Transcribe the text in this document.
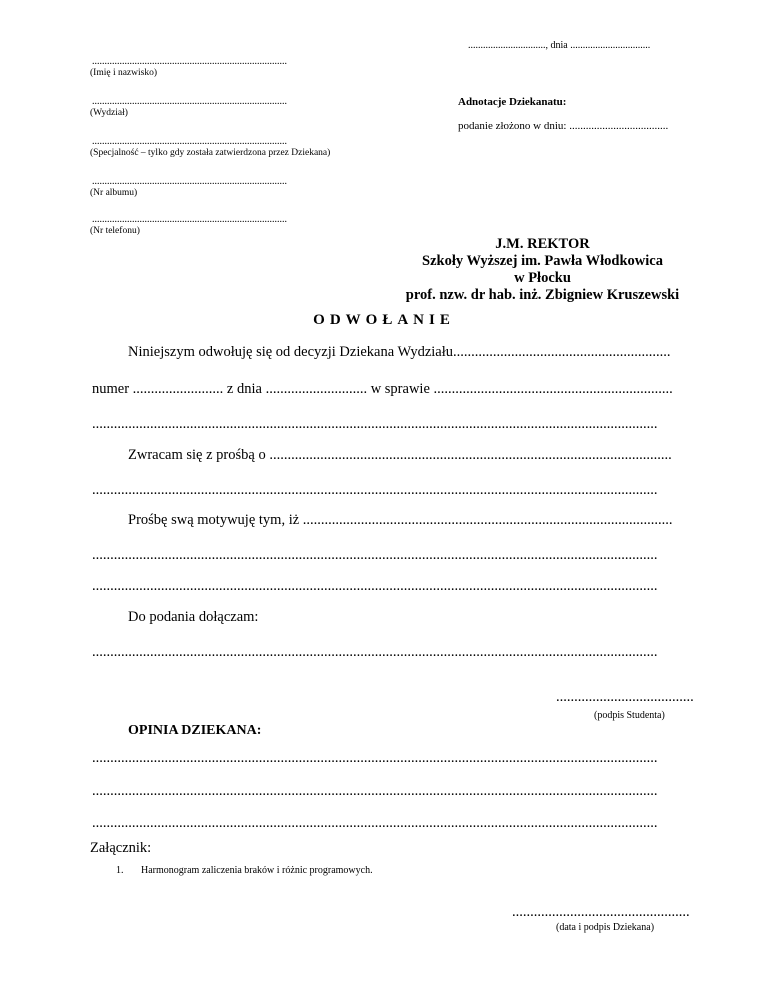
..............................., dnia ................................
..............................................................................
(Imię i nazwisko)
..............................................................................
(Wydział)
..............................................................................
(Specjalność – tylko gdy została zatwierdzona przez Dziekana)
..............................................................................
(Nr albumu)
..............................................................................
(Nr telefonu)
Adnotacje Dziekanatu:
podanie złożono w dniu: ....................................
J.M. REKTOR
Szkoły Wyższej im. Pawła Włodkowica
w Płocku
prof. nzw. dr hab. inż. Zbigniew Kruszewski
ODWOŁANIE
Niniejszym odwołuję się od decyzji Dziekana Wydziału............................................................
numer ......................... z dnia ............................ w sprawie ..................................................................
............................................................................................................................................................
Zwracam się z prośbą o ...............................................................................................................
............................................................................................................................................................
Prośbę swą motywuję tym, iż ......................................................................................................
............................................................................................................................................................
............................................................................................................................................................
Do podania dołączam:
............................................................................................................................................................
......................................
(podpis Studenta)
OPINIA DZIEKANA:
............................................................................................................................................................
............................................................................................................................................................
............................................................................................................................................................
Załącznik:
1. Harmonogram zaliczenia braków i różnic programowych.
.................................................
(data i podpis Dziekana)
